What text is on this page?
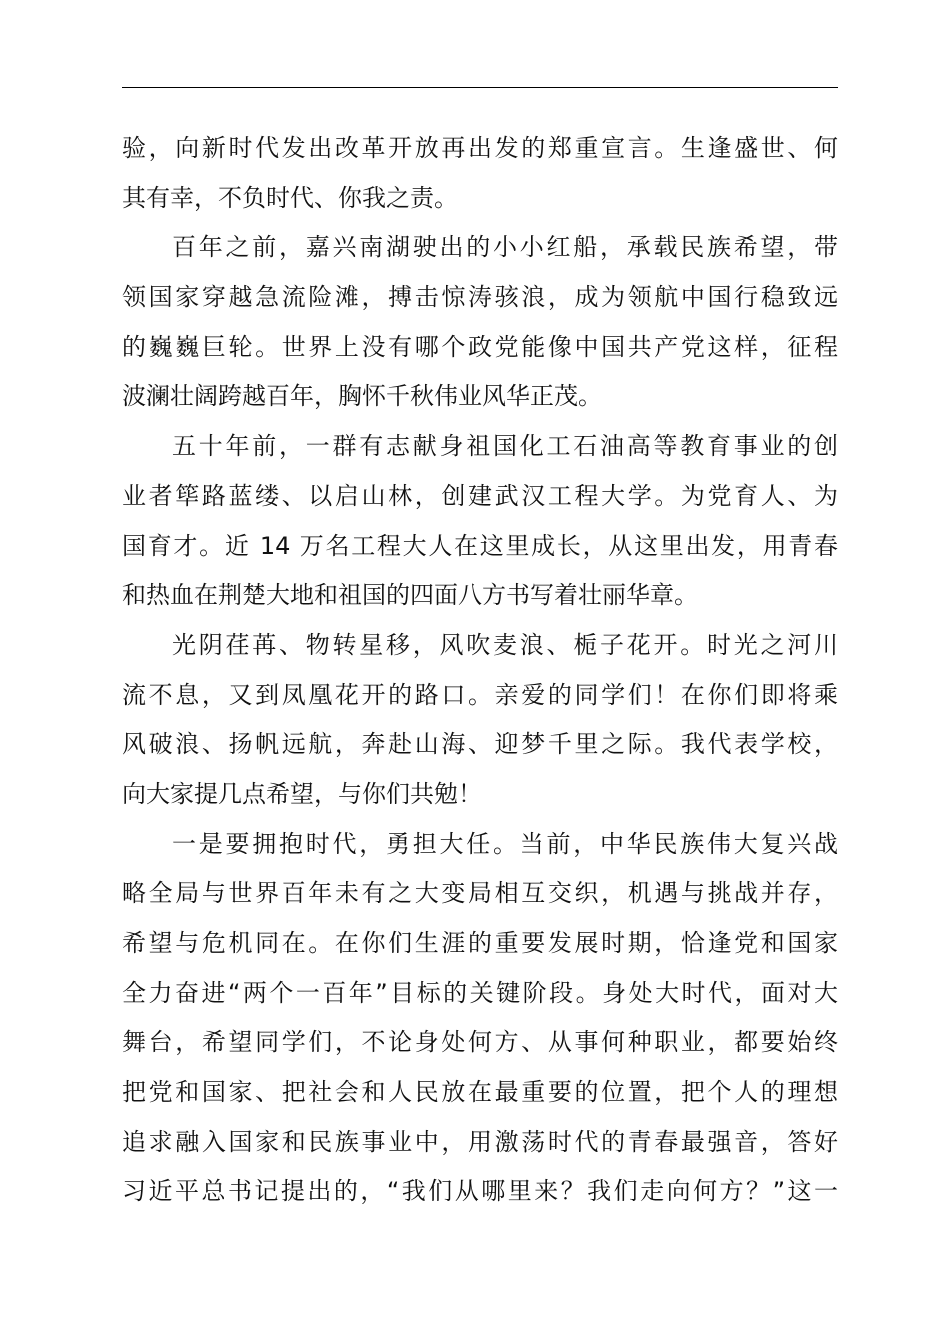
验，向新时代发出改革开放再出发的郑重宣言。生逢盛世、何
其有幸，不负时代、你我之责。
百年之前，嘉兴南湖驶出的小小红船，承载民族希望，带
领国家穿越急流险滩，搏击惊涛骇浪，成为领航中国行稳致远
的巍巍巨轮。世界上没有哪个政党能像中国共产党这样，征程
波澜壮阔跨越百年，胸怀千秋伟业风华正茂。
五十年前，一群有志献身祖国化工石油高等教育事业的创
业者筚路蓝缕、以启山林，创建武汉工程大学。为党育人、为
国育才。近 14 万名工程大人在这里成长，从这里出发，用青春
和热血在荆楚大地和祖国的四面八方书写着壮丽华章。
光阴荏苒、物转星移，风吹麦浪、栀子花开。时光之河川
流不息，又到凤凰花开的路口。亲爱的同学们！在你们即将乘
风破浪、扬帆远航，奔赴山海、迎梦千里之际。我代表学校，
向大家提几点希望，与你们共勉！
一是要拥抱时代，勇担大任。当前，中华民族伟大复兴战
略全局与世界百年未有之大变局相互交织，机遇与挑战并存，
希望与危机同在。在你们生涯的重要发展时期，恰逢党和国家
全力奋进“两个一百年”目标的关键阶段。身处大时代，面对大
舞台，希望同学们，不论身处何方、从事何种职业，都要始终
把党和国家、把社会和人民放在最重要的位置，把个人的理想
追求融入国家和民族事业中，用激荡时代的青春最强音，答好
习近平总书记提出的，“我们从哪里来？我们走向何方？”这一
